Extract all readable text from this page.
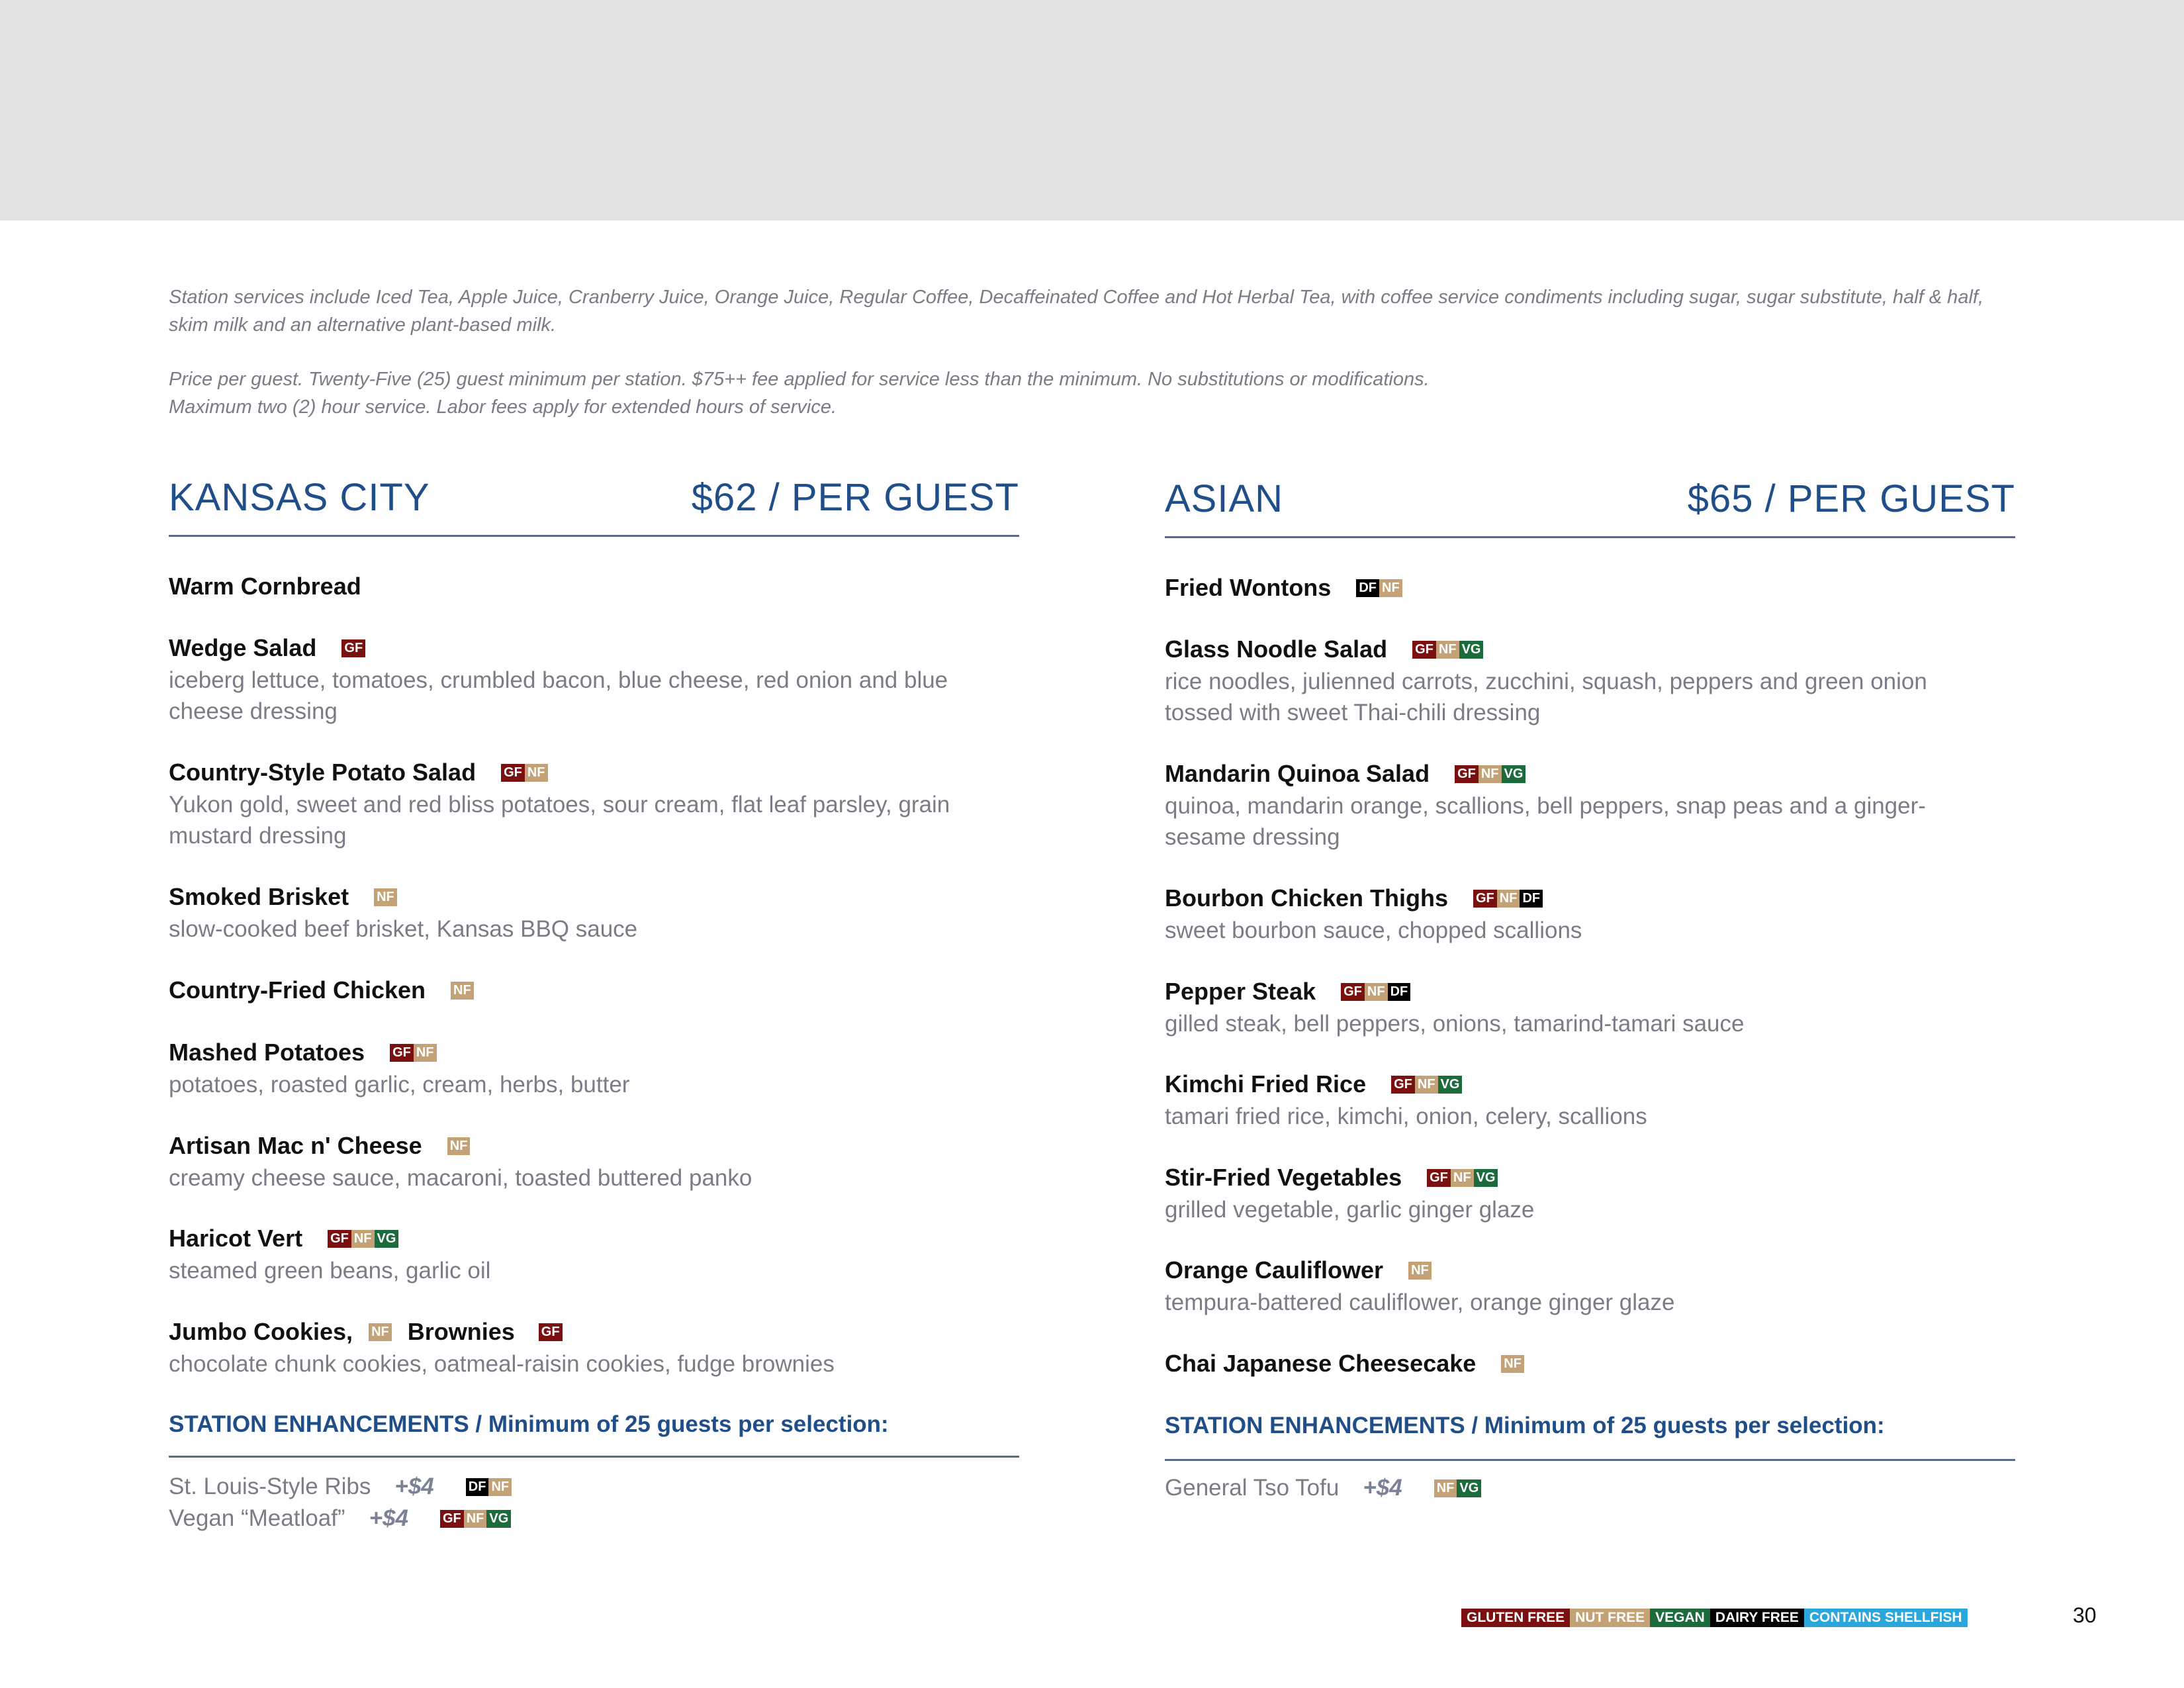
Station services include Iced Tea, Apple Juice, Cranberry Juice, Orange Juice, Regular Coffee, Decaffeinated Coffee and Hot Herbal Tea, with coffee service condiments including sugar, sugar substitute, half & half, skim milk and an alternative plant-based milk.

Price per guest. Twenty-Five (25) guest minimum per station. $75++ fee applied for service less than the minimum. No substitutions or modifications.

Maximum two (2) hour service. Labor fees apply for extended hours of service.

KANSAS CITY	$62 / PER GUEST
Warm Cornbread
Wedge Salad GF
iceberg lettuce, tomatoes, crumbled bacon, blue cheese, red onion and blue cheese dressing
Country-Style Potato Salad GF NF
Yukon gold, sweet and red bliss potatoes, sour cream, flat leaf parsley, grain mustard dressing
Smoked Brisket NF
slow-cooked beef brisket, Kansas BBQ sauce
Country-Fried Chicken NF
Mashed Potatoes GF NF
potatoes, roasted garlic, cream, herbs, butter
Artisan Mac n' Cheese NF
creamy cheese sauce, macaroni, toasted buttered panko
Haricot Vert GF NF VG
steamed green beans, garlic oil
Jumbo Cookies, NF Brownies GF
chocolate chunk cookies, oatmeal-raisin cookies, fudge brownies
STATION ENHANCEMENTS / Minimum of 25 guests per selection:
St. Louis-Style Ribs +$4	DF NF
Vegan “Meatloaf” +$4	GF NF VG
ASIAN	$65 / PER GUEST
Fried Wontons DF NF
Glass Noodle Salad GF NF VG
rice noodles, julienned carrots, zucchini, squash, peppers and green onion tossed with sweet Thai-chili dressing
Mandarin Quinoa Salad GF NF VG
quinoa, mandarin orange, scallions, bell peppers, snap peas and a ginger-sesame dressing
Bourbon Chicken Thighs GF NF DF
sweet bourbon sauce, chopped scallions
Pepper Steak GF NF DF
gilled steak, bell peppers, onions, tamarind-tamari sauce
Kimchi Fried Rice GF NF VG
tamari fried rice, kimchi, onion, celery, scallions
Stir-Fried Vegetables GF NF VG
grilled vegetable, garlic ginger glaze
Orange Cauliflower NF
tempura-battered cauliflower, orange ginger glaze
Chai Japanese Cheesecake NF
STATION ENHANCEMENTS / Minimum of 25 guests per selection:
General Tso Tofu +$4	NF VG
GLUTEN FREE NUT FREE VEGAN DAIRY FREE CONTAINS SHELLFISH	30
